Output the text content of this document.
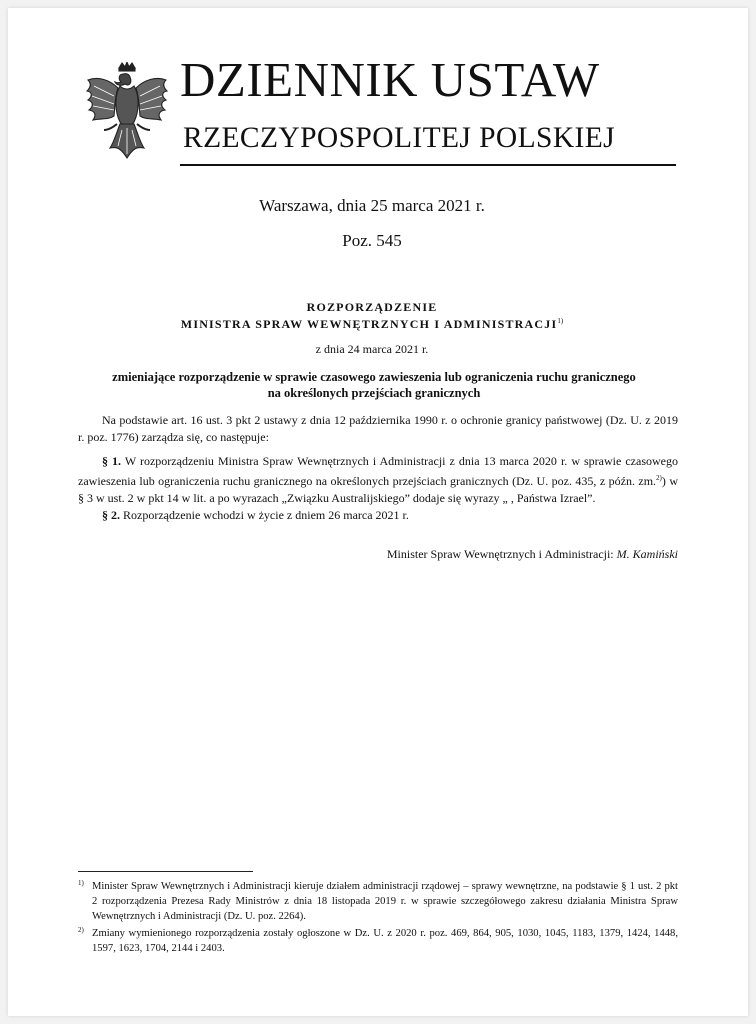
DZIENNIK USTAW
RZECZYPOSPOLITEJ POLSKIEJ
Warszawa, dnia 25 marca 2021 r.
Poz. 545
ROZPORZĄDZENIE
MINISTRA SPRAW WEWNĘTRZNYCH I ADMINISTRACJI$^{1)}$
z dnia 24 marca 2021 r.
zmieniające rozporządzenie w sprawie czasowego zawieszenia lub ograniczenia ruchu granicznego
na określonych przejściach granicznych
Na podstawie art. 16 ust. 3 pkt 2 ustawy z dnia 12 października 1990 r. o ochronie granicy państwowej (Dz. U. z 2019 r. poz. 1776) zarządza się, co następuje:
§ 1. W rozporządzeniu Ministra Spraw Wewnętrznych i Administracji z dnia 13 marca 2020 r. w sprawie czasowego zawieszenia lub ograniczenia ruchu granicznego na określonych przejściach granicznych (Dz. U. poz. 435, z późn. zm.$^{2)}$) w § 3 w ust. 2 w pkt 14 w lit. a po wyrazach „Związku Australijskiego” dodaje się wyrazy „ , Państwa Izrael”.
§ 2. Rozporządzenie wchodzi w życie z dniem 26 marca 2021 r.
Minister Spraw Wewnętrznych i Administracji: M. Kamiński
1) Minister Spraw Wewnętrznych i Administracji kieruje działem administracji rządowej – sprawy wewnętrzne, na podstawie § 1 ust. 2 pkt 2 rozporządzenia Prezesa Rady Ministrów z dnia 18 listopada 2019 r. w sprawie szczegółowego zakresu działania Ministra Spraw Wewnętrznych i Administracji (Dz. U. poz. 2264).
2) Zmiany wymienionego rozporządzenia zostały ogłoszone w Dz. U. z 2020 r. poz. 469, 864, 905, 1030, 1045, 1183, 1379, 1424, 1448, 1597, 1623, 1704, 2144 i 2403.
